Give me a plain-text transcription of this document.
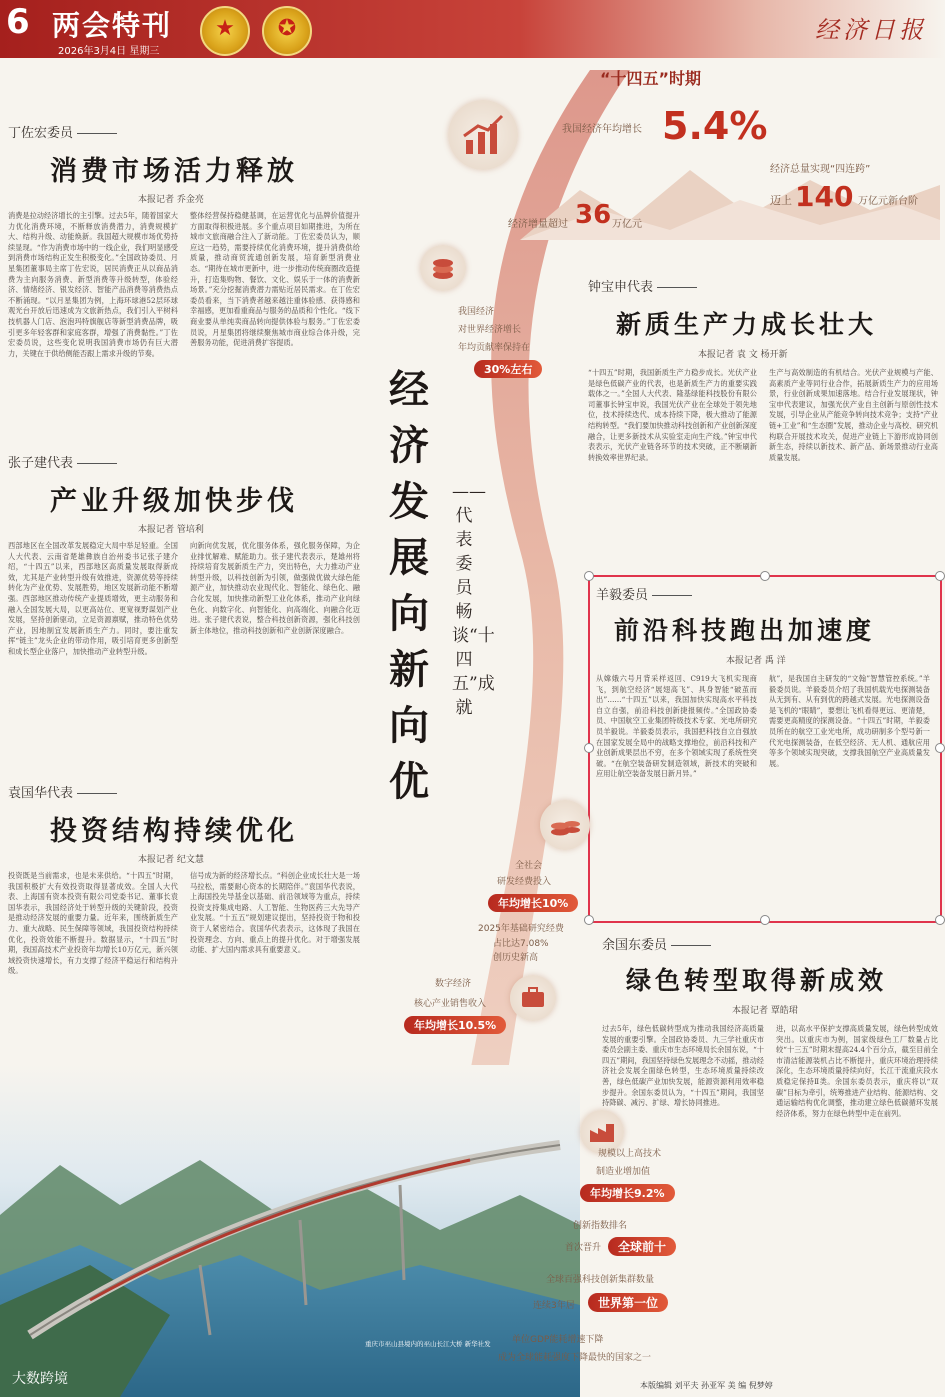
6 两会特刊
2026年3月4日 星期三
★	✪	经济日报
“十四五”时期
我国经济年均增长 5.4%
经济总量实现“四连跨”
迈上 140 万亿元新台阶
经济增量超过 36 万亿元
我国经济
对世界经济增长
年均贡献率保持在
30%左右
经济发展向新向优
——代表委员畅谈“十四五”成就
丁佐宏委员
消费市场活力释放
本报记者 乔金亮
消费是拉动经济增长的主引擎。过去5年，随着国家大力优化消费环境，不断释放消费潜力，消费规模扩大、结构升级、动能焕新。我国超大规模市场优势持续显现。“作为消费市场中的一线企业，我们明显感受到消费市场结构正发生积极变化。”全国政协委员、月星集团董事局主席丁佐宏说，居民消费正从以商品消费为主向服务消费、新型消费等升级转型，体验经济、情绪经济、银发经济、智能产品消费等消费热点不断涌现。“以月星集团为例，上海环球港52层环球观光台开放后迅速成为文旅新热点，我们引入平树科技机器人门店、泡泡玛特旗舰店等新型消费品牌，吸引更多年轻客群和家庭客群，增强了消费黏性。”丁佐宏委员说，这些变化说明我国消费市场仍有巨大潜力，关键在于供给侧能否跟上需求升级的节奏。
整体经营保持稳健基调，在运营优化与品牌价值提升方面取得积极进展。多个重点项目如期推进，为所在城市文旅商融合注入了新动能。丁佐宏委员认为，顺应这一趋势，需要持续优化消费环境，提升消费供给质量，推动商贸流通创新发展，培育新型消费业态。“期待在城市更新中，进一步推动传统商圈改造提升，打造集购物、餐饮、文化、娱乐于一体的消费新场景。”充分挖掘消费潜力需贴近居民需求。在丁佐宏委员看来，当下消费者越来越注重体验感、获得感和幸福感，更加看重商品与服务的品质和个性化。“线下商业要从单纯卖商品转向提供体验与服务。”丁佐宏委员说，月星集团将继续聚焦城市商业综合体升级，完善服务功能，促进消费扩容提质。
张子建代表
产业升级加快步伐
本报记者 管培利
西部地区在全国改革发展稳定大局中举足轻重。全国人大代表、云南省楚雄彝族自治州委书记张子建介绍，“十四五”以来，西部地区高质量发展取得新成效，尤其是产业转型升级有效推进，资源优势等持续转化为产业优势、发展胜势，地区发展新动能不断增强。西部地区推动传统产业提质增效，更主动服务和融入全国发展大局，以更高站位、更宽视野谋划产业发展，坚持创新驱动，立足资源禀赋，推动特色优势产业，因地制宜发展新质生产力。同时，要注重发挥“链主”龙头企业的带动作用，吸引培育更多创新型和成长型企业落户，加快推动产业转型升级。
向新向优发展，优化服务体系，强化服务保障，为企业排忧解难、赋能助力。张子建代表表示，楚雄州将持续培育发展新质生产力，突出特色，大力推动产业转型升级，以科技创新为引领，做强做优做大绿色能源产业，加快推动农业现代化、智能化、绿色化、融合化发展，加快推动新型工业化体系，推动产业向绿色化、向数字化、向智能化、向高端化、向融合化迈进。张子建代表说，整合科技创新资源，强化科技创新主体地位，推动科技创新和产业创新深度融合。
袁国华代表
投资结构持续优化
本报记者 纪文慧
投资既是当前需求，也是未来供给。“十四五”时期，我国积极扩大有效投资取得显著成效。全国人大代表、上海国有资本投资有限公司党委书记、董事长袁国华表示，我国经济处于转型升级的关键阶段，投资是推动经济发展的重要力量。近年来，围绕新质生产力、重大战略、民生保障等领域，我国投资结构持续优化，投资效能不断提升。数据显示，“十四五”时期，我国高技术产业投资年均增长10万亿元，新兴领域投资快速增长，有力支撑了经济平稳运行和结构升级。
信号成为新的经济增长点。“科创企业成长壮大是一场马拉松，需要耐心资本的长期陪伴。”袁国华代表说，上海国投先导基金以基础、前沿领域等为重点，持续投资支持集成电路、人工智能、生物医药三大先导产业发展。“十五五”规划建议提出，坚持投资于物和投资于人紧密结合。袁国华代表表示，这体现了我国在投资理念、方向、重点上的提升优化。对于增强发展动能、扩大国内需求具有重要意义。
钟宝申代表
新质生产力成长壮大
本报记者 袁 文 杨开新
“十四五”时期，我国新质生产力稳步成长。光伏产业是绿色低碳产业的代表，也是新质生产力的重要实践载体之一。”全国人大代表、隆基绿能科技股份有限公司董事长钟宝申说，我国光伏产业在全球处于领先地位，技术持续迭代、成本持续下降，极大推动了能源结构转型。“我们要加快推动科技创新和产业创新深度融合，让更多新技术从实验室走向生产线。”钟宝申代表表示，光伏产业链各环节的技术突破，正不断刷新转换效率世界纪录。
生产与高效制造的有机结合。光伏产业规模与产能、高素质产业等同行业合作，拓展新质生产力的应用场景，行业创新成果加速落地。结合行业发展现状，钟宝申代表建议，加强光伏产业自主创新与原创性技术发展，引导企业从产能竞争转向技术竞争；支持“产业链+工业”和“生态圈”发展，推动企业与高校、研究机构联合开展技术攻关，促进产业链上下游形成协同创新生态，持续以新技术、新产品、新场景推动行业高质量发展。
羊毅委员
前沿科技跑出加速度
本报记者 禹 洋
从嫦娥六号月背采样返回、C919大飞机实现商飞，到航空经济“展翅高飞”、具身智能“破茧而出”……“十四五”以来，我国加快实现高水平科技自立自强，前沿科技创新捷报频传。”全国政协委员、中国航空工业集团特级技术专家、光电所研究员羊毅说。羊毅委员表示，我国把科技自立自强放在国家发展全局中的战略支撑地位，前沿科技和产业创新成果层出不穷，在多个领域实现了系统性突破。“在航空装备研发制造领域，新技术的突破和应用让航空装备发展日新月异。”
航”，是我国自主研发的“文翰”智慧管控系统。”羊毅委员说。羊毅委员介绍了我国机载光电探测装备从无到有、从有到优的跨越式发展。光电探测设备是飞机的“眼睛”，要想让飞机看得更远、更清楚，需要更高精度的探测设备。“十四五”时期，羊毅委员所在的航空工业光电所，成功研制多个型号新一代光电探测装备，在低空经济、无人机、通航应用等多个领域实现突破，支撑我国航空产业高质量发展。
全社会
研发经费投入
年均增长10%
2025年基础研究经费
占比达7.08%
创历史新高
数字经济
核心产业销售收入
年均增长10.5%
余国东委员
绿色转型取得新成效
本报记者 覃皓珺
过去5年，绿色低碳转型成为推动我国经济高质量发展的重要引擎。全国政协委员、九三学社重庆市委员会副主委、重庆市生态环境局长余国东说，“十四五”期间，我国坚持绿色发展理念不动摇，推动经济社会发展全面绿色转型，生态环境质量持续改善，绿色低碳产业加快发展，能源资源利用效率稳步提升。余国东委员认为，“十四五”期间，我国坚持降碳、减污、扩绿、增长协同推进。
进，以高水平保护支撑高质量发展，绿色转型成效突出。以重庆市为例，国家级绿色工厂数量占比较“十三五”时期末提高24.4个百分点，截至目前全市清洁能源装机占比不断提升，重庆环境治理持续深化，生态环境质量持续向好，长江干流重庆段水质稳定保持Ⅱ类。余国东委员表示，重庆将以“双碳”目标为牵引，统筹推进产业结构、能源结构、交通运输结构优化调整，推动建立绿色低碳循环发展经济体系，努力在绿色转型中走在前列。
重庆市巫山县境内的巫山长江大桥 新华社发
规模以上高技术
制造业增加值
年均增长9.2%
创新指数排名
首次晋升	全球前十
全球百强科技创新集群数量
连续3年居	世界第一位
单位GDP能耗增速下降
成为全球能耗强度下降最快的国家之一
本版编辑 刘平夫 孙亚军 美 编 倪梦婷
大数跨境
